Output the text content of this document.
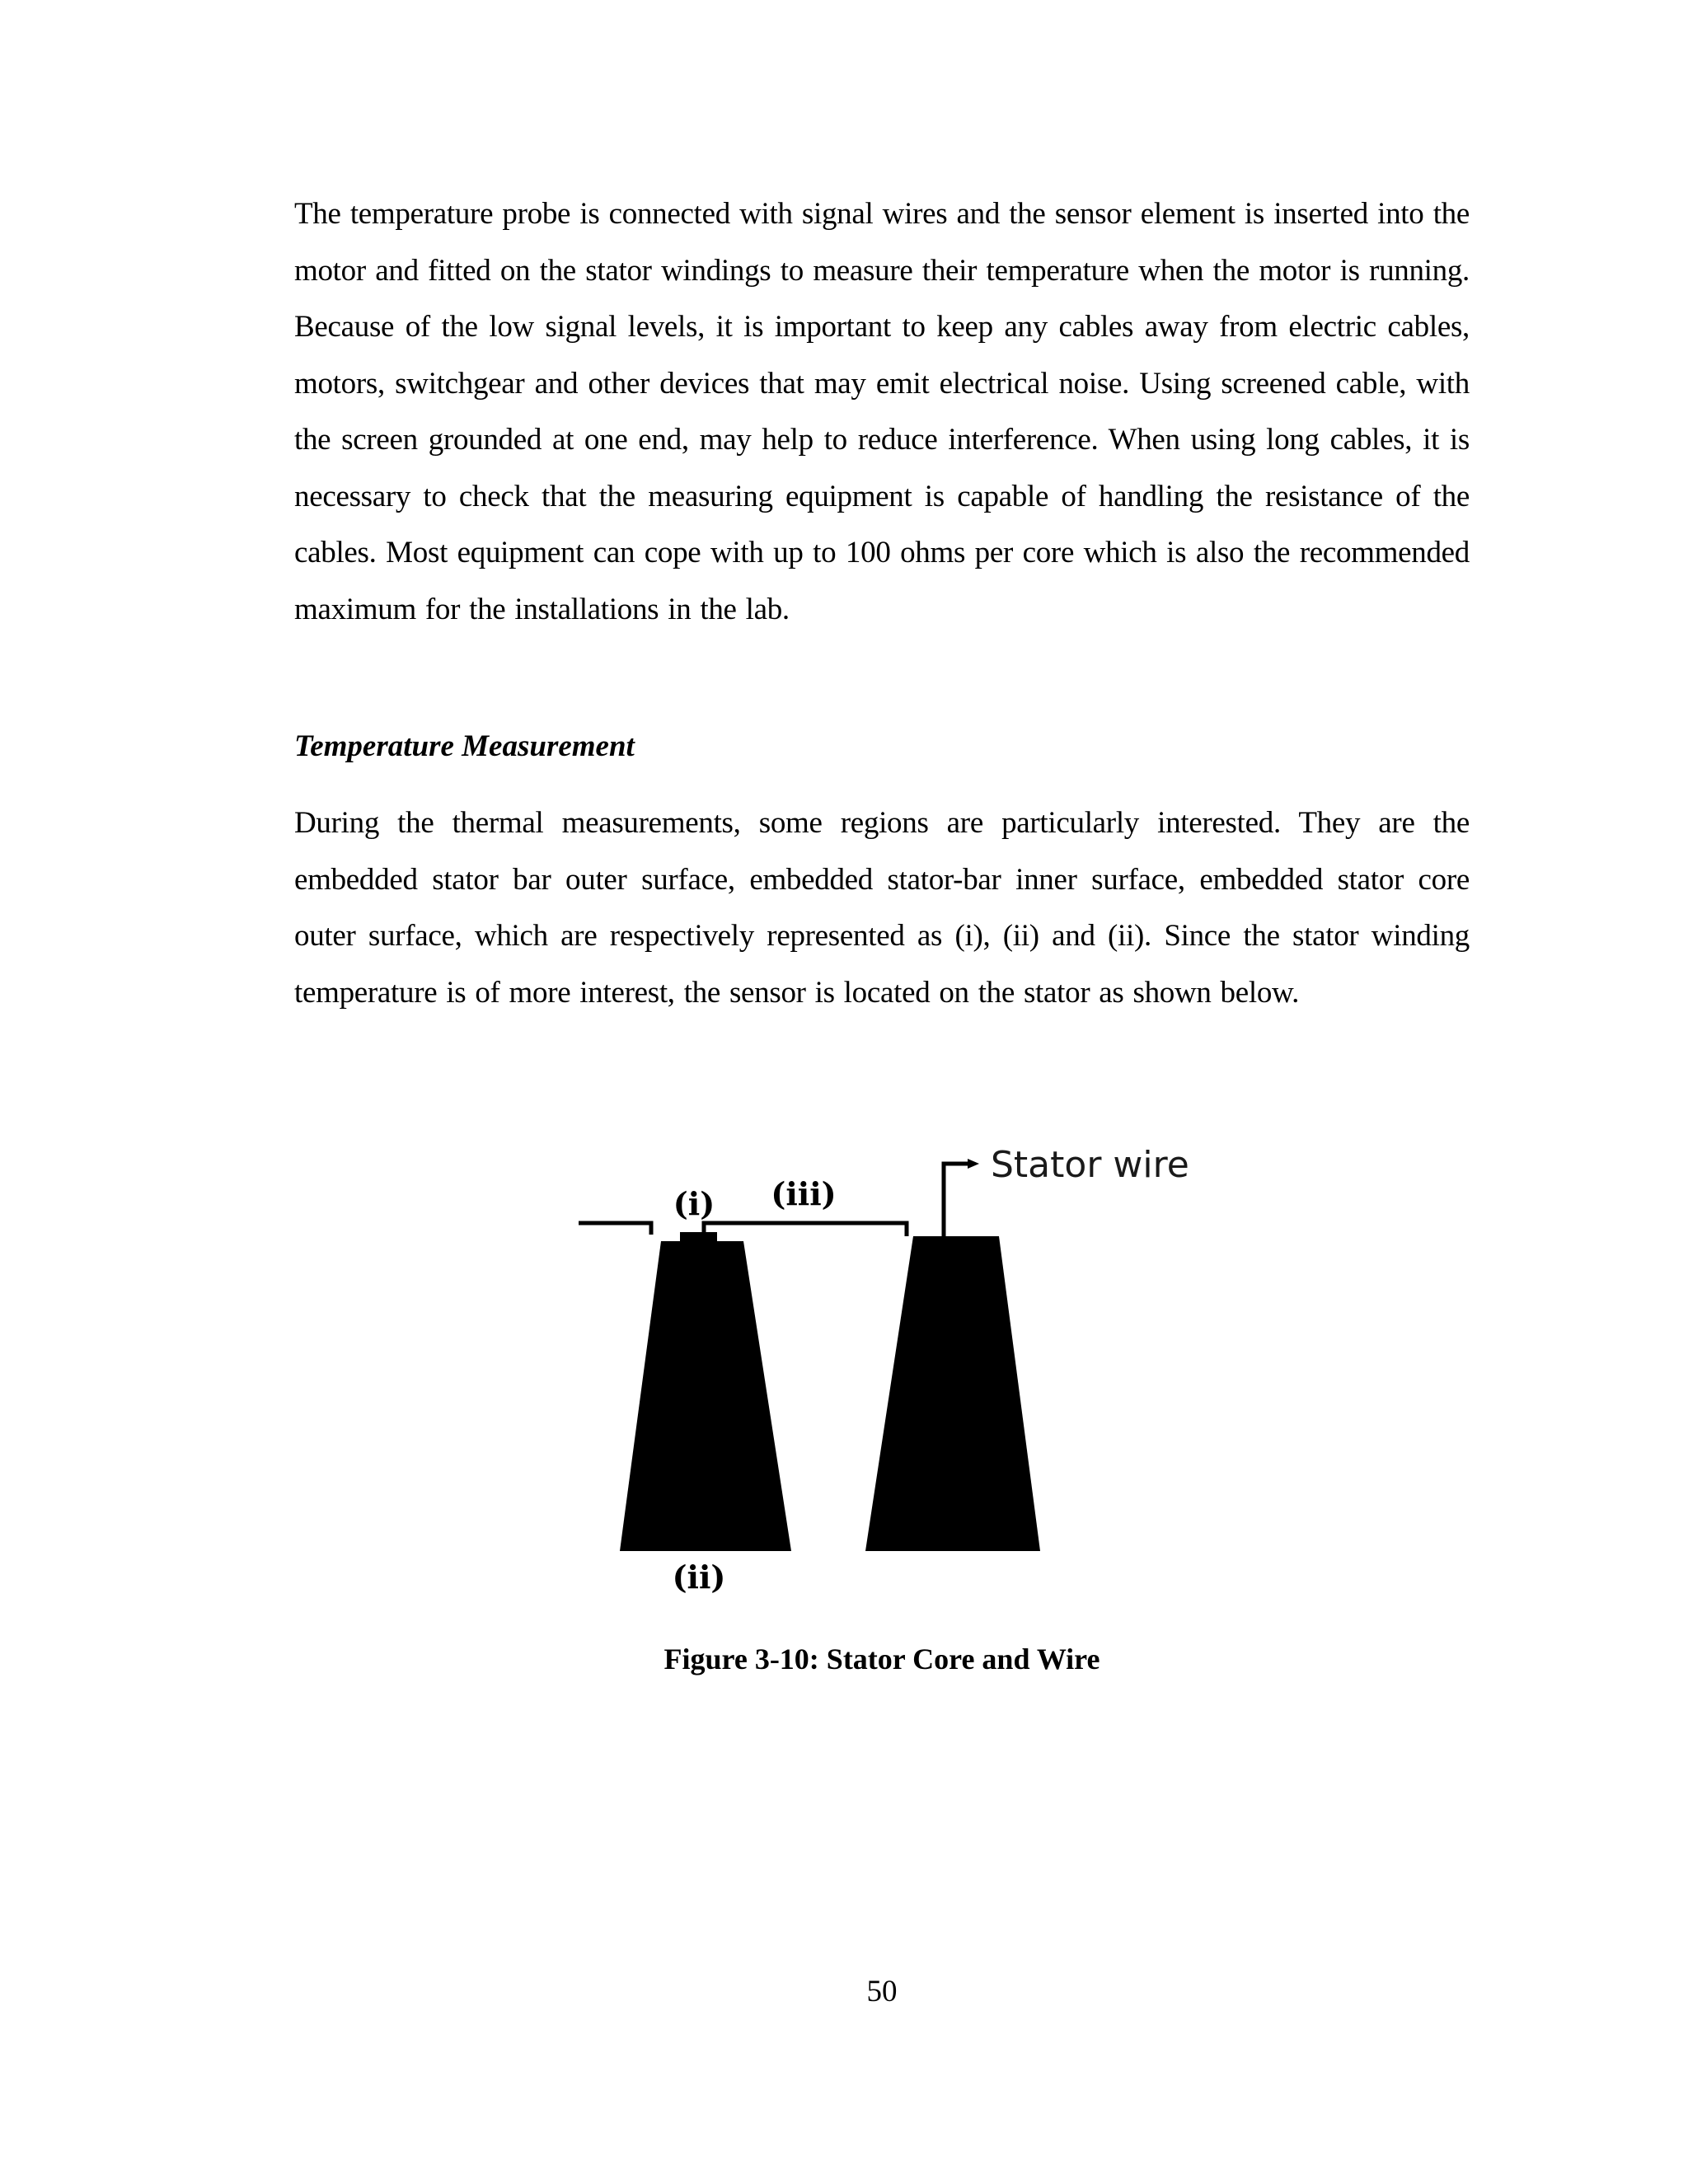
The temperature probe is connected with signal wires and the sensor element is inserted into the motor and fitted on the stator windings to measure their temperature when the motor is running. Because of the low signal levels, it is important to keep any cables away from electric cables, motors, switchgear and other devices that may emit electrical noise. Using screened cable, with the screen grounded at one end, may help to reduce interference. When using long cables, it is necessary to check that the measuring equipment is capable of handling the resistance of the cables. Most equipment can cope with up to 100 ohms per core which is also the recommended maximum for the installations in the lab.

Temperature Measurement

During the thermal measurements, some regions are particularly interested. They are the embedded stator bar outer surface, embedded stator-bar inner surface, embedded stator core outer surface, which are respectively represented as (i), (ii) and (ii). Since the stator winding temperature is of more interest, the sensor is located on the stator as shown below.

(i) (iii)
(ii)
Stator wire

Figure 3-10: Stator Core and Wire

50
